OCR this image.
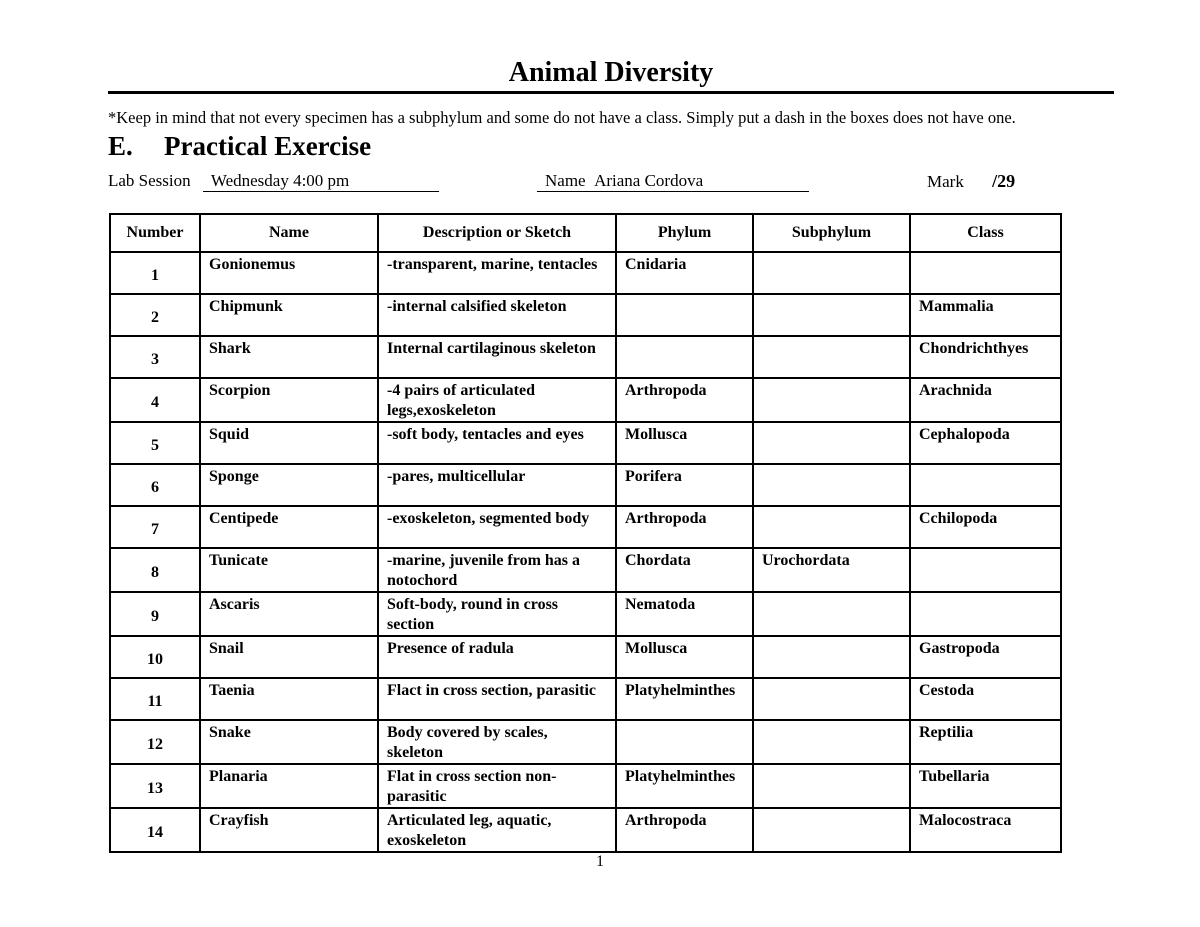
Animal Diversity
*Keep in mind that not every specimen has a subphylum and some do not have a class. Simply put a dash in the boxes does not have one.
E. Practical Exercise
Lab Session Wednesday 4:00 pm	Name Ariana Cordova	Mark /29
Number	Name	Description or Sketch	Phylum	Subphylum	Class
1	Gonionemus	-transparent, marine, tentacles	Cnidaria		
2	Chipmunk	-internal calsified skeleton			Mammalia
3	Shark	Internal cartilaginous skeleton			Chondrichthyes
4	Scorpion	-4 pairs of articulated legs,exoskeleton	Arthropoda		Arachnida
5	Squid	-soft body, tentacles and eyes	Mollusca		Cephalopoda
6	Sponge	-pares, multicellular	Porifera		
7	Centipede	-exoskeleton, segmented body	Arthropoda		Cchilopoda
8	Tunicate	-marine, juvenile from has a notochord	Chordata	Urochordata	
9	Ascaris	Soft-body, round in cross section	Nematoda		
10	Snail	Presence of radula	Mollusca		Gastropoda
11	Taenia	Flact in cross section, parasitic	Platyhelminthes		Cestoda
12	Snake	Body covered by scales, skeleton			Reptilia
13	Planaria	Flat in cross section non-parasitic	Platyhelminthes		Tubellaria
14	Crayfish	Articulated leg, aquatic, exoskeleton	Arthropoda		Malocostraca
1
